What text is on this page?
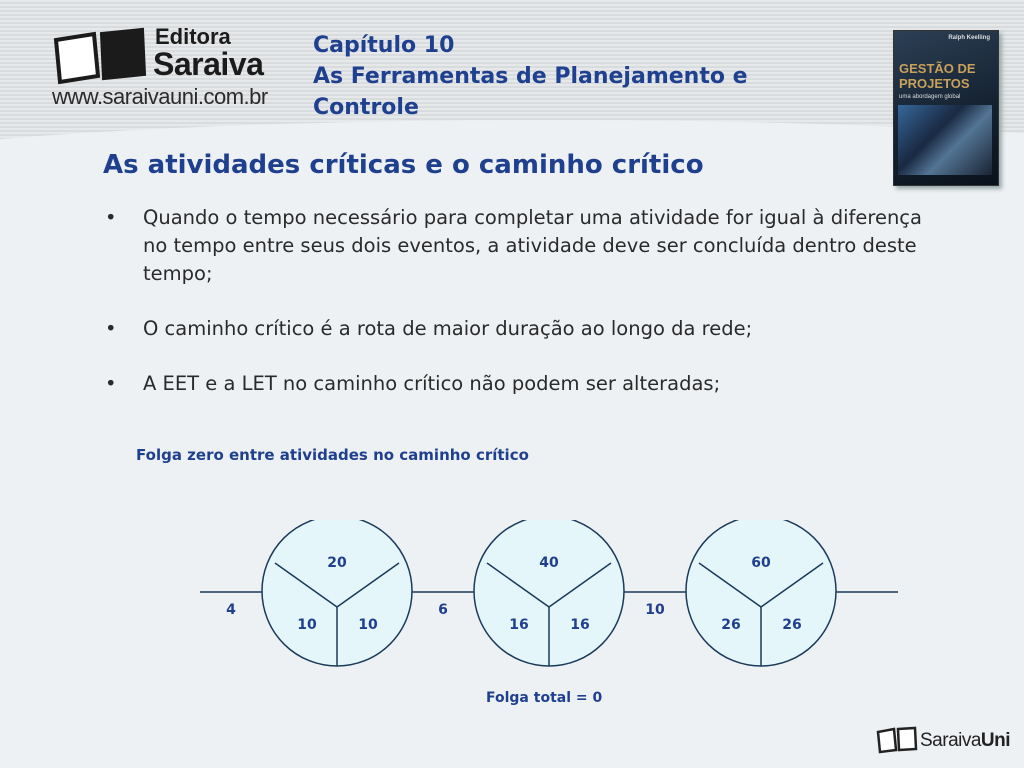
Editora
Saraiva
www.saraivauni.com.br
Capítulo 10
As Ferramentas de Planejamento e
Controle
Ralph Keelling
GESTÃO DE
PROJETOS
uma abordagem global
As atividades críticas e o caminho crítico
• Quando o tempo necessário para completar uma atividade for igual à diferença no tempo entre seus dois eventos, a atividade deve ser concluída dentro deste tempo;
• O caminho crítico é a rota de maior duração ao longo da rede;
• A EET e a LET no caminho crítico não podem ser alteradas;
Folga zero entre atividades no caminho crítico
4	6	10
20
10	10
40
16	16
60
26	26
Folga total = 0
SaraivaUni
